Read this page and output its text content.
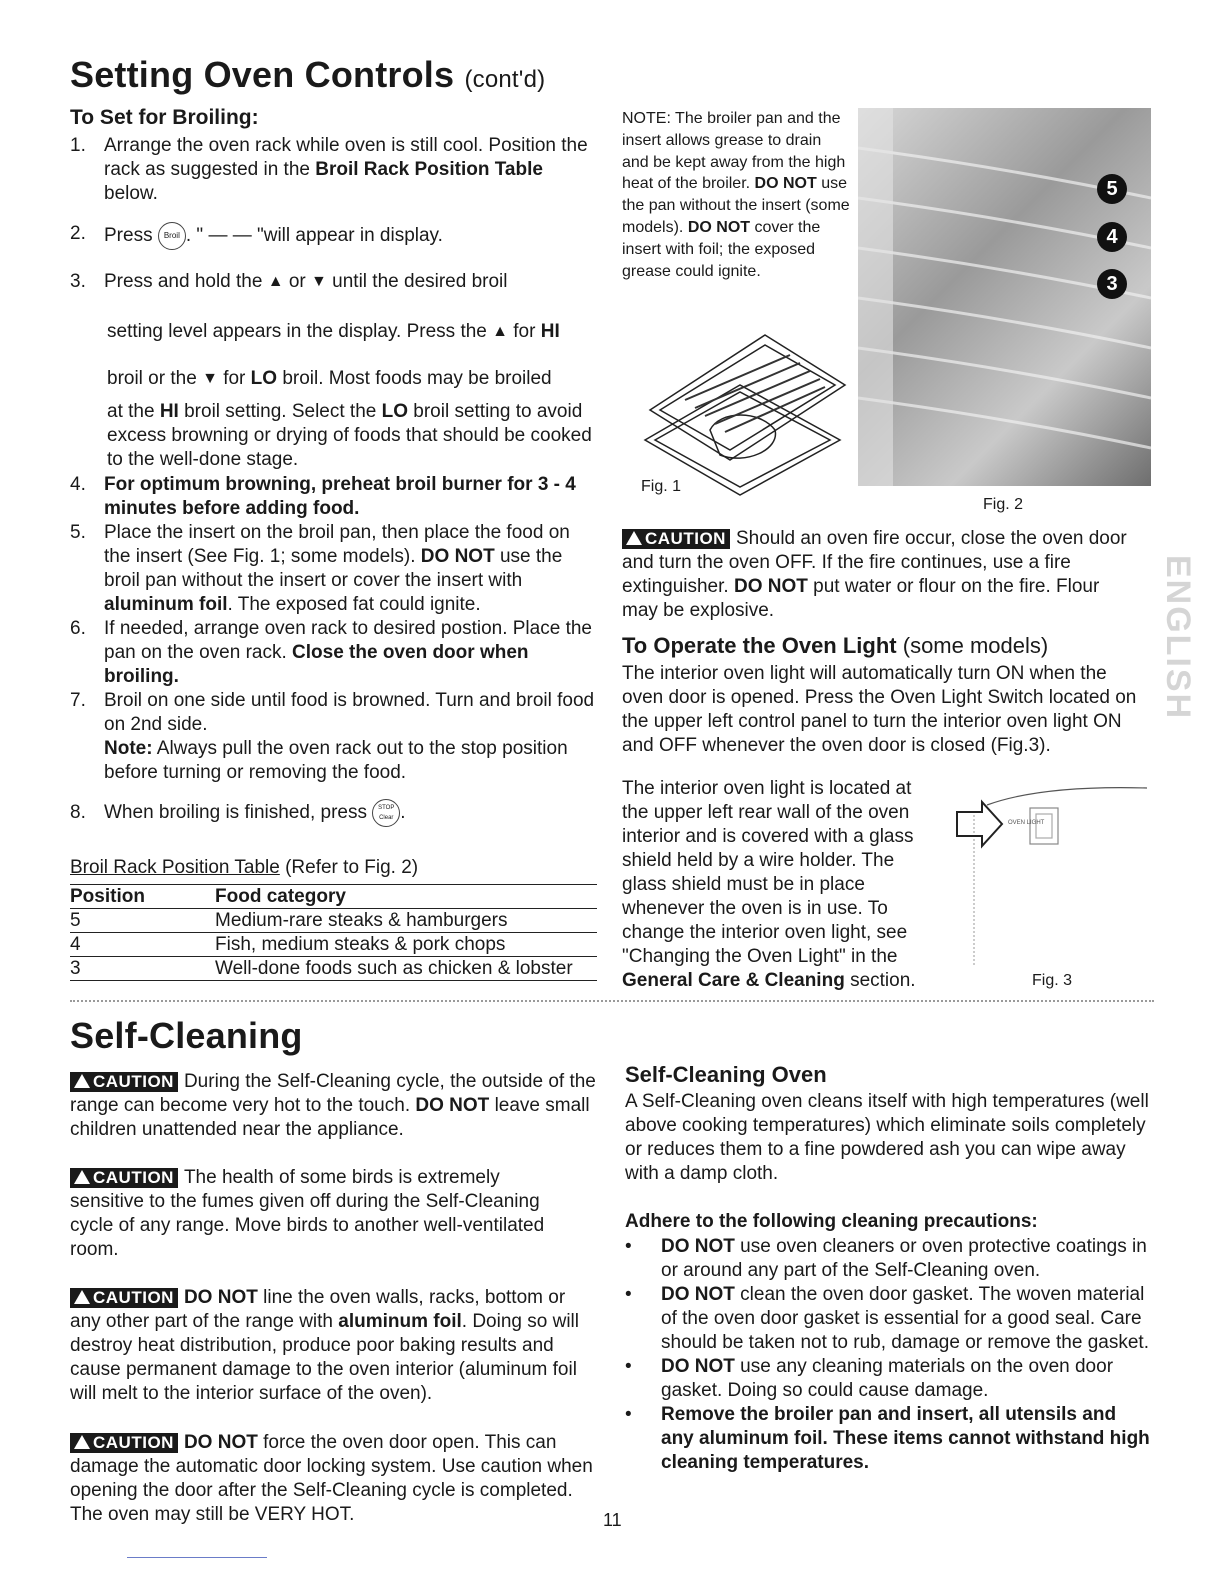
Setting Oven Controls (cont'd)
To Set for Broiling:
1. Arrange the oven rack while oven is still cool. Position the rack as suggested in the Broil Rack Position Table below.
2. Press Broil . " — — "will appear in display.
3. Press and hold the ▲ or ▼ until the desired broil
setting level appears in the display. Press the ▲ for HI
broil or the ▼ for LO broil. Most foods may be broiled
at the HI broil setting. Select the LO broil setting to avoid excess browning or drying of foods that should be cooked to the well-done stage.
4. For optimum browning, preheat broil burner for 3 - 4 minutes before adding food.
5. Place the insert on the broil pan, then place the food on the insert (See Fig. 1; some models). DO NOT use the broil pan without the insert or cover the insert with aluminum foil. The exposed fat could ignite.
6. If needed, arrange oven rack to desired postion. Place the pan on the oven rack. Close the oven door when broiling.
7. Broil on one side until food is browned. Turn and broil food on 2nd side.
Note: Always pull the oven rack out to the stop position before turning or removing the food.
8. When broiling is finished, press STOP Clear .
Broil Rack Position Table (Refer to Fig. 2)
Position	Food category
5	Medium-rare steaks & hamburgers
4	Fish, medium steaks & pork chops
3	Well-done foods such as chicken & lobster
NOTE: The broiler pan and the insert allows grease to drain and be kept away from the high heat of the broiler. DO NOT use the pan without the insert (some models). DO NOT cover the insert with foil; the exposed grease could ignite.
Fig. 1
5
4
3
Fig. 2
CAUTION Should an oven fire occur, close the oven door and turn the oven OFF. If the fire continues, use a fire extinguisher. DO NOT put water or flour on the fire. Flour may be explosive.	ENGLISH
To Operate the Oven Light (some models)
The interior oven light will automatically turn ON when the oven door is opened. Press the Oven Light Switch located on the upper left control panel to turn the interior oven light ON and OFF whenever the oven door is closed (Fig.3).
The interior oven light is located at the upper left rear wall of the oven interior and is covered with a glass shield held by a wire holder. The glass shield must be in place whenever the oven is in use. To change the interior oven light, see "Changing the Oven Light" in the General Care & Cleaning section.
OVEN LIGHT
Fig. 3
Self-Cleaning
CAUTION During the Self-Cleaning cycle, the outside of the range can become very hot to the touch. DO NOT leave small children unattended near the appliance.
CAUTION The health of some birds is extremely sensitive to the fumes given off during the Self-Cleaning cycle of any range. Move birds to another well-ventilated room.
CAUTION DO NOT line the oven walls, racks, bottom or any other part of the range with aluminum foil. Doing so will destroy heat distribution, produce poor baking results and cause permanent damage to the oven interior (aluminum foil will melt to the interior surface of the oven).
CAUTION DO NOT force the oven door open. This can damage the automatic door locking system. Use caution when opening the door after the Self-Cleaning cycle is completed. The oven may still be VERY HOT.
Self-Cleaning Oven
A Self-Cleaning oven cleans itself with high temperatures (well above cooking temperatures) which eliminate soils completely or reduces them to a fine powdered ash you can wipe away with a damp cloth.
Adhere to the following cleaning precautions:
•	DO NOT use oven cleaners or oven protective coatings in or around any part of the Self-Cleaning oven.
•	DO NOT clean the oven door gasket. The woven material of the oven door gasket is essential for a good seal. Care should be taken not to rub, damage or remove the gasket.
•	DO NOT use any cleaning materials on the oven door gasket. Doing so could cause damage.
•	Remove the broiler pan and insert, all utensils and any aluminum foil. These items cannot withstand high cleaning temperatures.
11
